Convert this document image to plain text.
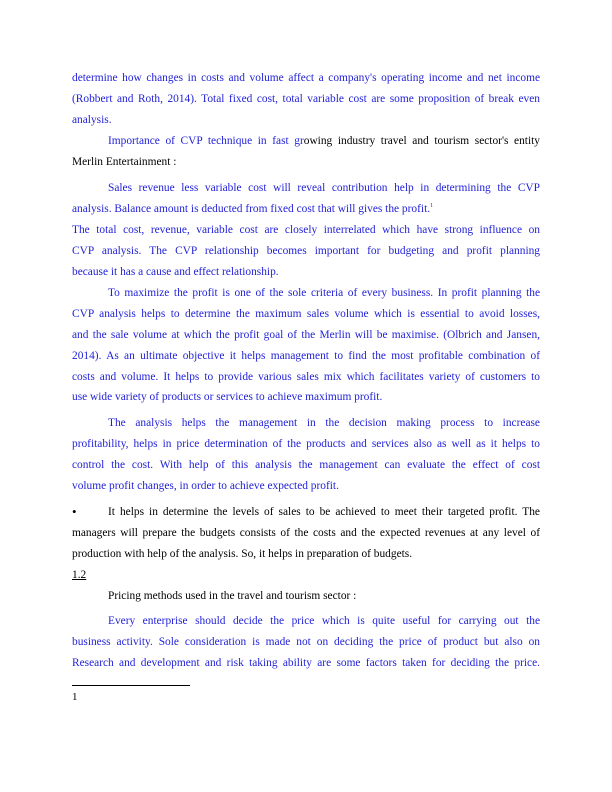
determine how changes in costs and volume affect a company's operating income and net income
(Robbert and Roth, 2014). Total fixed cost, total variable cost are some proposition of break even
analysis.
Importance of CVP technique in fast growing industry travel and tourism sector's entity
Merlin Entertainment :
Sales revenue less variable cost will reveal contribution help in determining the CVP
analysis. Balance amount is deducted from fixed cost that will gives the profit.$^1$
The total cost, revenue, variable cost are closely interrelated which have strong influence on
CVP analysis. The CVP relationship becomes important for budgeting and profit planning
because it has a cause and effect relationship.
To maximize the profit is one of the sole criteria of every business. In profit planning the
CVP analysis helps to determine the maximum sales volume which is essential to avoid losses,
and the sale volume at which the profit goal of the Merlin will be maximise. (Olbrich and Jansen,
2014). As an ultimate objective it helps management to find the most profitable combination of
costs and volume. It helps to provide various sales mix which facilitates variety of customers to
use wide variety of products or services to achieve maximum profit.
The analysis helps the management in the decision making process to increase
profitability, helps in price determination of the products and services also as well as it helps to
control the cost. With help of this analysis the management can evaluate the effect of cost
volume profit changes, in order to achieve expected profit.
•	It helps in determine the levels of sales to be achieved to meet their targeted profit. The
managers will prepare the budgets consists of the costs and the expected revenues at any level of
production with help of the analysis. So, it helps in preparation of budgets.
1.2
Pricing methods used in the travel and tourism sector :
Every enterprise should decide the price which is quite useful for carrying out the
business activity. Sole consideration is made not on deciding the price of product but also on
Research and development and risk taking ability are some factors taken for deciding the price.
1
